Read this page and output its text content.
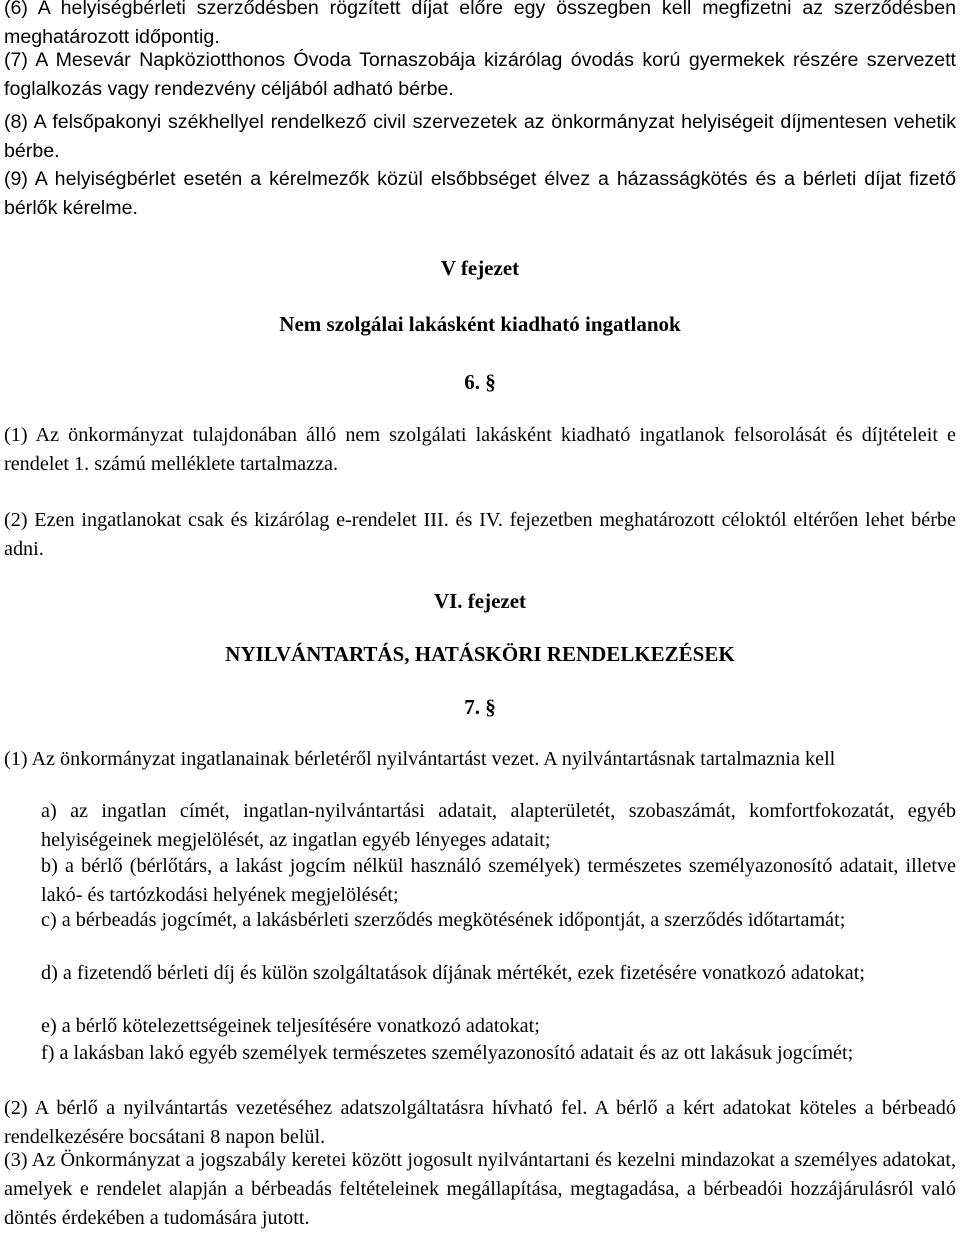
(6) A helyiségbérleti szerződésben rögzített díjat előre egy összegben kell megfizetni az szerződésben meghatározott időpontig.

(7) A Mesevár Napköziotthonos Óvoda Tornaszobája kizárólag óvodás korú gyermekek részére szervezett foglalkozás vagy rendezvény céljából adható bérbe.

(8) A felsőpakonyi székhellyel rendelkező civil szervezetek az önkormányzat helyiségeit díjmentesen vehetik bérbe.

(9) A helyiségbérlet esetén a kérelmezők közül elsőbbséget élvez a házasságkötés és a bérleti díjat fizető bérlők kérelme.

V fejezet

Nem szolgálai lakásként kiadható ingatlanok

6. §

(1) Az önkormányzat tulajdonában álló nem szolgálati lakásként kiadható ingatlanok felsorolását és díjtételeit e rendelet 1. számú melléklete tartalmazza.

(2) Ezen ingatlanokat csak és kizárólag e-rendelet III. és IV. fejezetben meghatározott céloktól eltérően lehet bérbe adni.

VI. fejezet

NYILVÁNTARTÁS, HATÁSKÖRI RENDELKEZÉSEK

7. §

(1) Az önkormányzat ingatlanainak bérletéről nyilvántartást vezet. A nyilvántartásnak tartalmaznia kell

a) az ingatlan címét, ingatlan-nyilvántartási adatait, alapterületét, szobaszámát, komfortfokozatát, egyéb helyiségeinek megjelölését, az ingatlan egyéb lényeges adatait;

b) a bérlő (bérlőtárs, a lakást jogcím nélkül használó személyek) természetes személyazonosító adatait, illetve lakó- és tartózkodási helyének megjelölését;

c) a bérbeadás jogcímét, a lakásbérleti szerződés megkötésének időpontját, a szerződés időtartamát;

d) a fizetendő bérleti díj és külön szolgáltatások díjának mértékét, ezek fizetésére vonatkozó adatokat;

e) a bérlő kötelezettségeinek teljesítésére vonatkozó adatokat;

f) a lakásban lakó egyéb személyek természetes személyazonosító adatait és az ott lakásuk jogcímét;

(2) A bérlő a nyilvántartás vezetéséhez adatszolgáltatásra hívható fel. A bérlő a kért adatokat köteles a bérbeadó rendelkezésére bocsátani 8 napon belül.

(3) Az Önkormányzat a jogszabály keretei között jogosult nyilvántartani és kezelni mindazokat a személyes adatokat, amelyek e rendelet alapján a bérbeadás feltételeinek megállapítása, megtagadása, a bérbeadói hozzájárulásról való döntés érdekében a tudomására jutott.
